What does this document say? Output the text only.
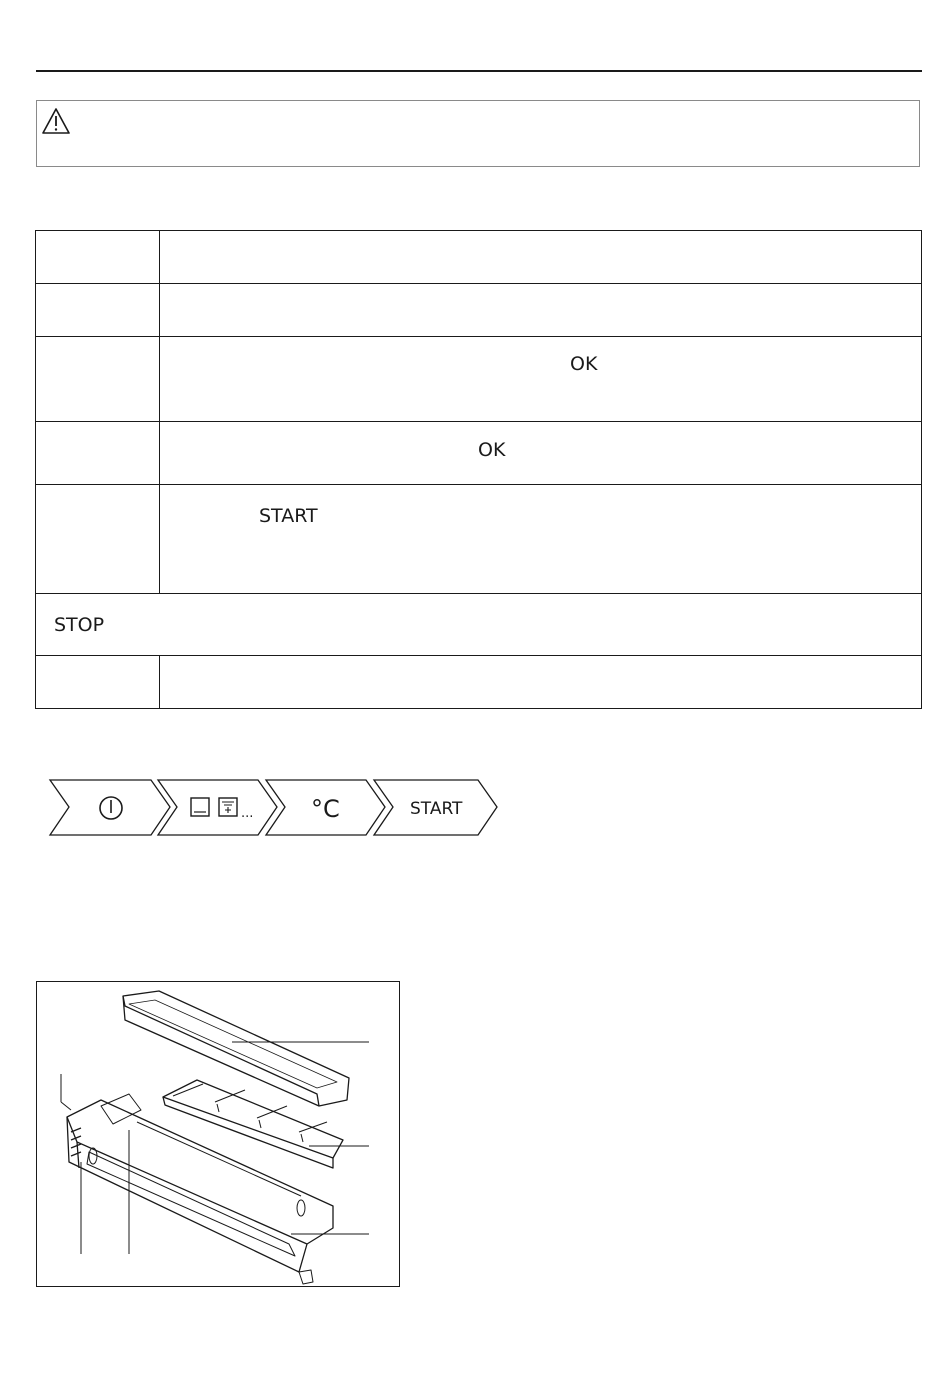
	OK

	OK

	START

STOP	

... °C	START
